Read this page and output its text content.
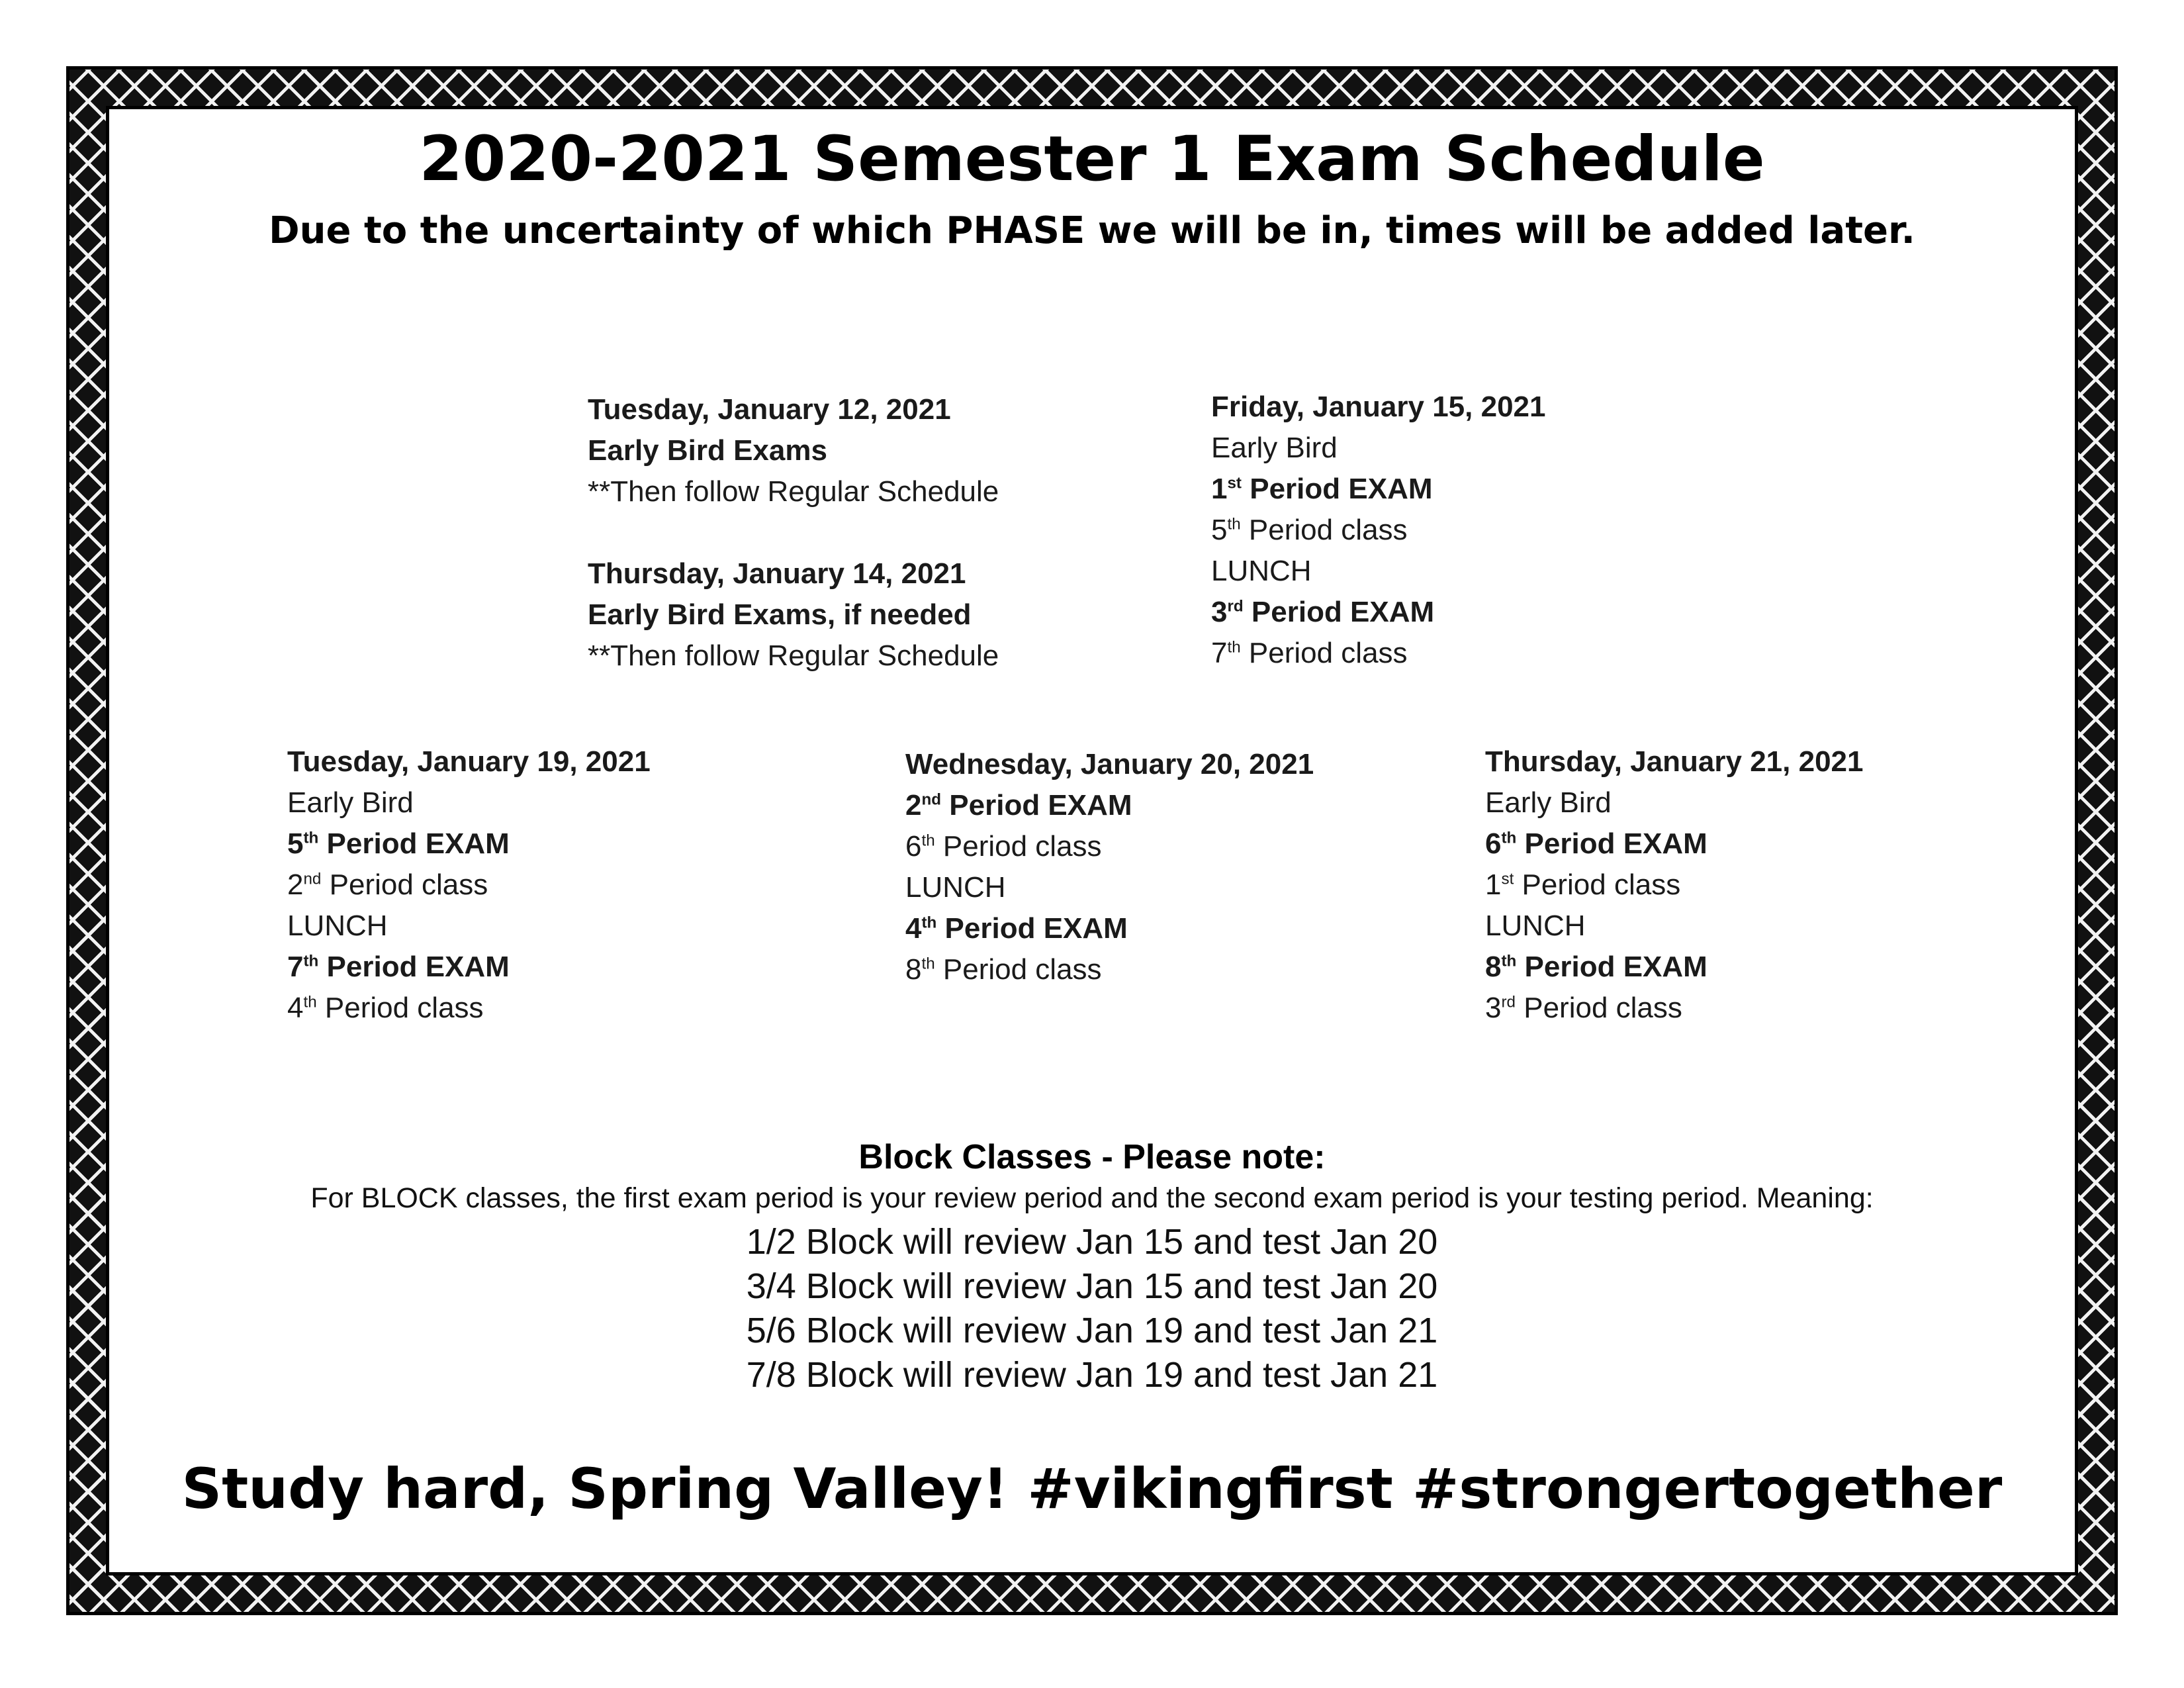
2020-2021 Semester 1 Exam Schedule

Due to the uncertainty of which PHASE we will be in, times will be added later.

Tuesday, January 12, 2021
Early Bird Exams
**Then follow Regular Schedule
Thursday, January 14, 2021
Early Bird Exams, if needed
**Then follow Regular Schedule
Friday, January 15, 2021
Early Bird
1st Period EXAM
5th Period class
LUNCH
3rd Period EXAM
7th Period class
Tuesday, January 19, 2021
Early Bird
5th Period EXAM
2nd Period class
LUNCH
7th Period EXAM
4th Period class
Wednesday, January 20, 2021
2nd Period EXAM
6th Period class
LUNCH
4th Period EXAM
8th Period class
Thursday, January 21, 2021
Early Bird
6th Period EXAM
1st Period class
LUNCH
8th Period EXAM
3rd Period class
Block Classes - Please note:

For BLOCK classes, the first exam period is your review period and the second exam period is your testing period. Meaning:

1/2 Block will review Jan 15 and test Jan 20
3/4 Block will review Jan 15 and test Jan 20
5/6 Block will review Jan 19 and test Jan 21
7/8 Block will review Jan 19 and test Jan 21

Study hard, Spring Valley! #vikingfirst #strongertogether
